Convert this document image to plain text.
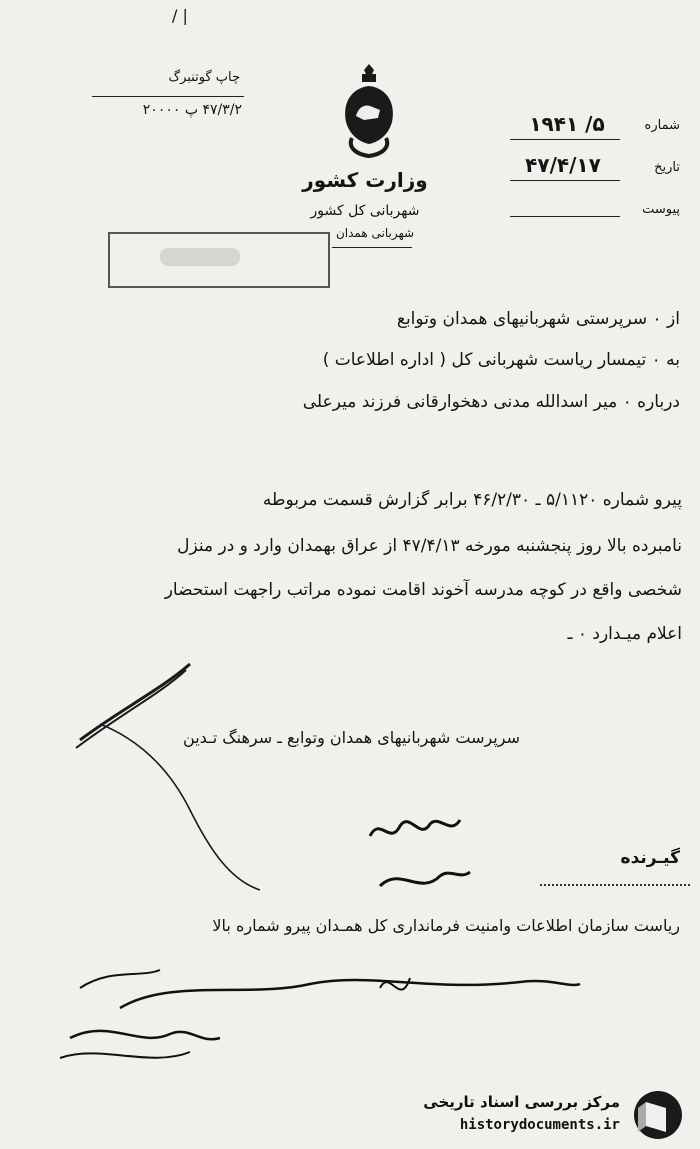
/ |
چاپ گوتنبرگ
۴۷/۳/۲ پ ۲۰۰۰۰
وزارت کشور
شهربانی کل کشور
شهربانی همدان
شماره
۱۹۴۱ /۵
تاریخ
۴۷/۴/۱۷
پیوست
از ۰ سرپرستی شهربانیهای همدان وتوابع
به ۰ تیمسار ریاست شهربانی کل ( اداره اطلاعات )
درباره ۰ میر اسدالله مدنی دهخوارقانی فرزند میرعلی
پیرو شماره ۵/۱۱۲۰ ـ ۴۶/۲/۳۰ برابر گزارش قسمت مربوطه
نامبرده بالا روز پنجشنبه مورخه ۴۷/۴/۱۳ از عراق بهمدان وارد و در منزل
شخصی واقع در کوچه مدرسه آخوند اقامت نموده مراتب راجهت استحضار
اعلام میـدارد ۰ ـ
سرپرست شهربانیهای همدان وتوابع ـ سرهنگ تـدین
گیـرنده
ریاست سازمان اطلاعات وامنیت فرمانداری کل همـدان پیرو شماره بالا
مرکز بررسی اسناد تاریخی
historydocuments.ir
